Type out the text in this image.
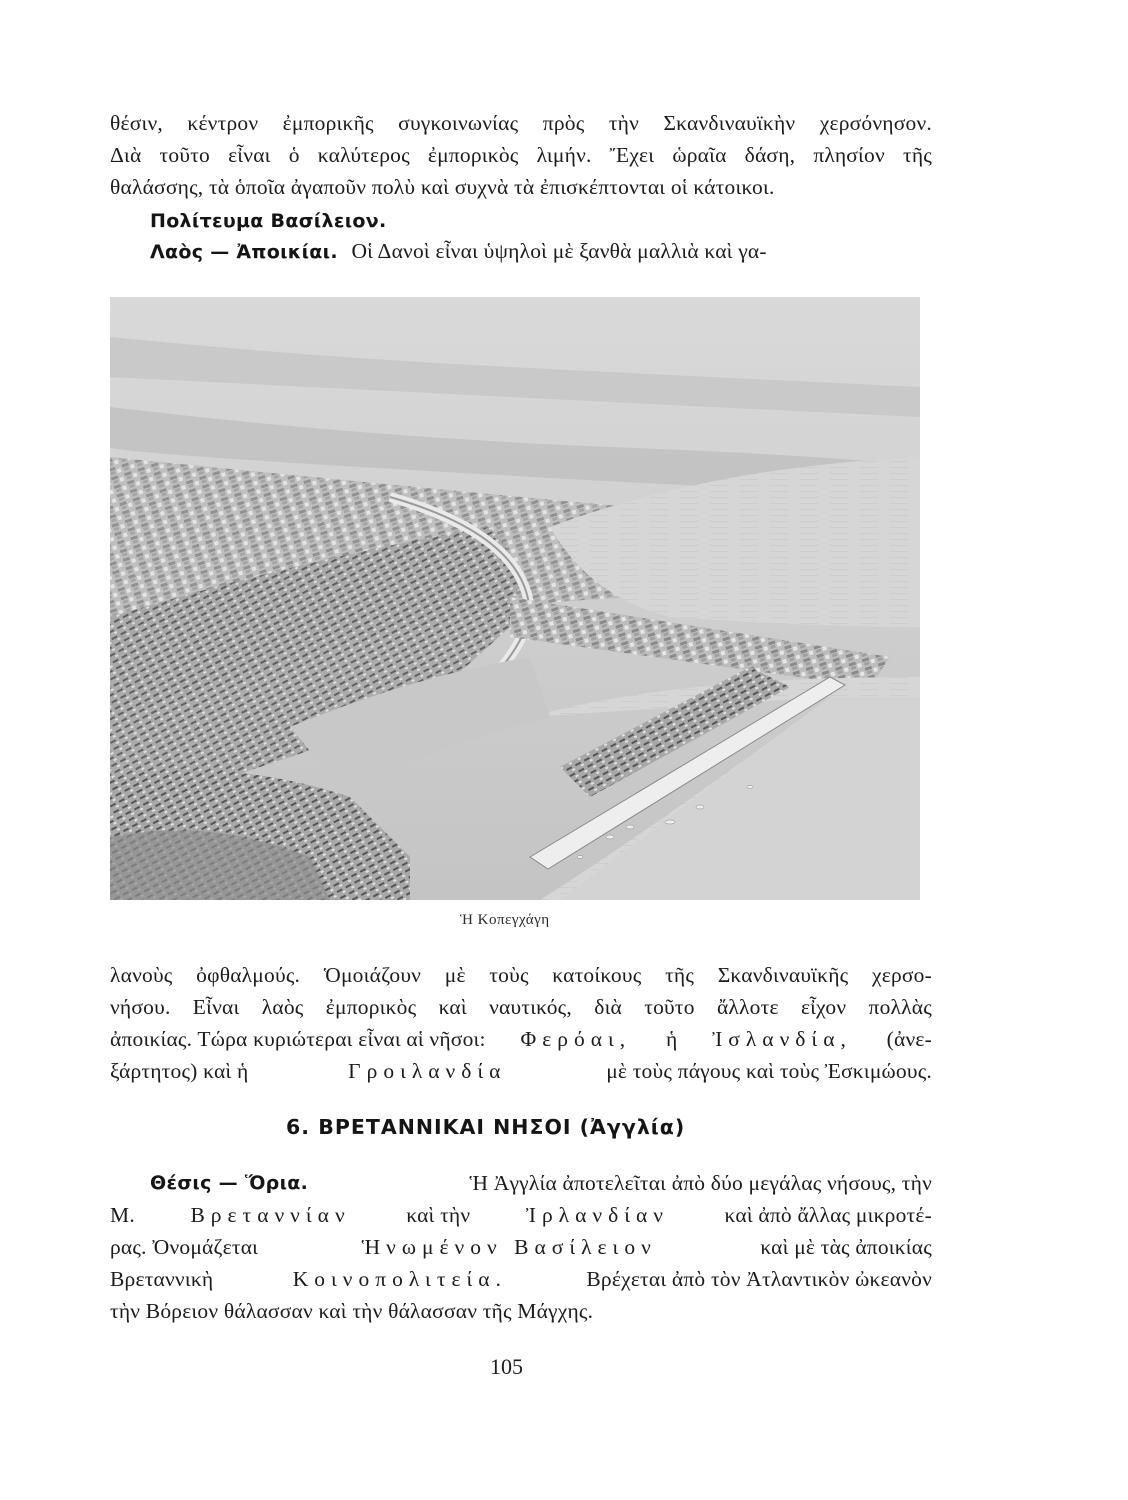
θέσιν, κέντρον ἐμπορικῆς συγκοινωνίας πρὸς τὴν Σκανδιναυϊκὴν χερσόνησον.
Διὰ τοῦτο εἶναι ὁ καλύτερος ἐμπορικὸς λιμήν. Ἔχει ὡραῖα δάση, πλησίον τῆς
θαλάσσης, τὰ ὁποῖα ἀγαποῦν πολὺ καὶ συχνὰ τὰ ἐπισκέπτονται οἱ κάτοικοι.
Πολίτευμα Βασίλειον.
Λαὸς — Ἀποικίαι. Οἱ Δανοὶ εἶναι ὑψηλοὶ μὲ ξανθὰ μαλλιὰ καὶ γα-
Ἡ Κοπεγχάγη
λανοὺς ὀφθαλμούς. Ὁμοιάζουν μὲ τοὺς κατοίκους τῆς Σκανδιναυϊκῆς χερσο-
νήσου. Εἶναι λαὸς ἐμπορικὸς καὶ ναυτικός, διὰ τοῦτο ἄλλοτε εἶχον πολλὰς
ἀποικίας. Τώρα κυριώτεραι εἶναι αἱ νῆσοι: Φερόαι, ἡ Ἰσλανδία, (ἀνε-
ξάρτητος) καὶ ἡ	Γροιλανδία	μὲ τοὺς πάγους καὶ τοὺς Ἐσκιμώους.
6. ΒΡΕΤΑΝΝΙΚΑΙ ΝΗΣΟΙ (Ἀγγλία)
Θέσις — Ὅρια.	Ἡ Ἀγγλία ἀποτελεῖται ἀπὸ δύο μεγάλας νήσους, τὴν
Μ.	Βρεταννίαν	καὶ τὴν	Ἰρλανδίαν	καὶ ἀπὸ ἄλλας μικροτέ-
ρας. Ὀνομάζεται	Ἡνωμένον Βασίλειον	καὶ μὲ τὰς ἀποικίας
Βρεταννικὴ	Κοινοπολιτεία.	Βρέχεται ἀπὸ τὸν Ἀτλαντικὸν ὠκεανὸν
τὴν Βόρειον θάλασσαν καὶ τὴν θάλασσαν τῆς Μάγχης.
105
